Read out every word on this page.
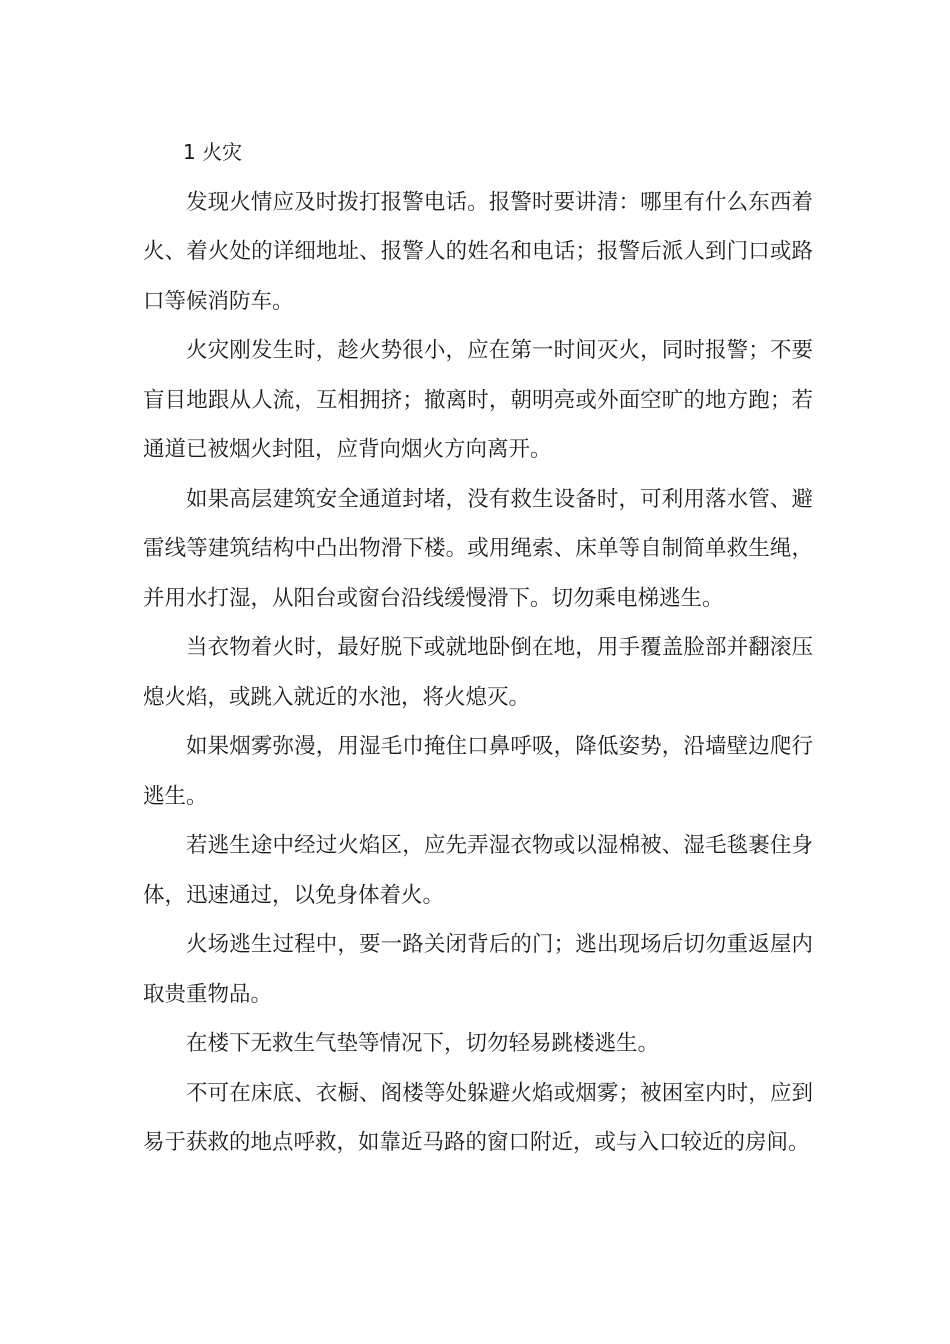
1 火灾

发现火情应及时拨打报警电话。报警时要讲清：哪里有什么东西着火、着火处的详细地址、报警人的姓名和电话；报警后派人到门口或路口等候消防车。

火灾刚发生时，趁火势很小，应在第一时间灭火，同时报警；不要盲目地跟从人流，互相拥挤；撤离时，朝明亮或外面空旷的地方跑；若通道已被烟火封阻，应背向烟火方向离开。

如果高层建筑安全通道封堵，没有救生设备时，可利用落水管、避雷线等建筑结构中凸出物滑下楼。或用绳索、床单等自制简单救生绳，并用水打湿，从阳台或窗台沿线缓慢滑下。切勿乘电梯逃生。

当衣物着火时，最好脱下或就地卧倒在地，用手覆盖脸部并翻滚压熄火焰，或跳入就近的水池，将火熄灭。

如果烟雾弥漫，用湿毛巾掩住口鼻呼吸，降低姿势，沿墙壁边爬行逃生。

若逃生途中经过火焰区，应先弄湿衣物或以湿棉被、湿毛毯裹住身体，迅速通过，以免身体着火。

火场逃生过程中，要一路关闭背后的门；逃出现场后切勿重返屋内取贵重物品。

在楼下无救生气垫等情况下，切勿轻易跳楼逃生。

不可在床底、衣橱、阁楼等处躲避火焰或烟雾；被困室内时，应到易于获救的地点呼救，如靠近马路的窗口附近，或与入口较近的房间。
